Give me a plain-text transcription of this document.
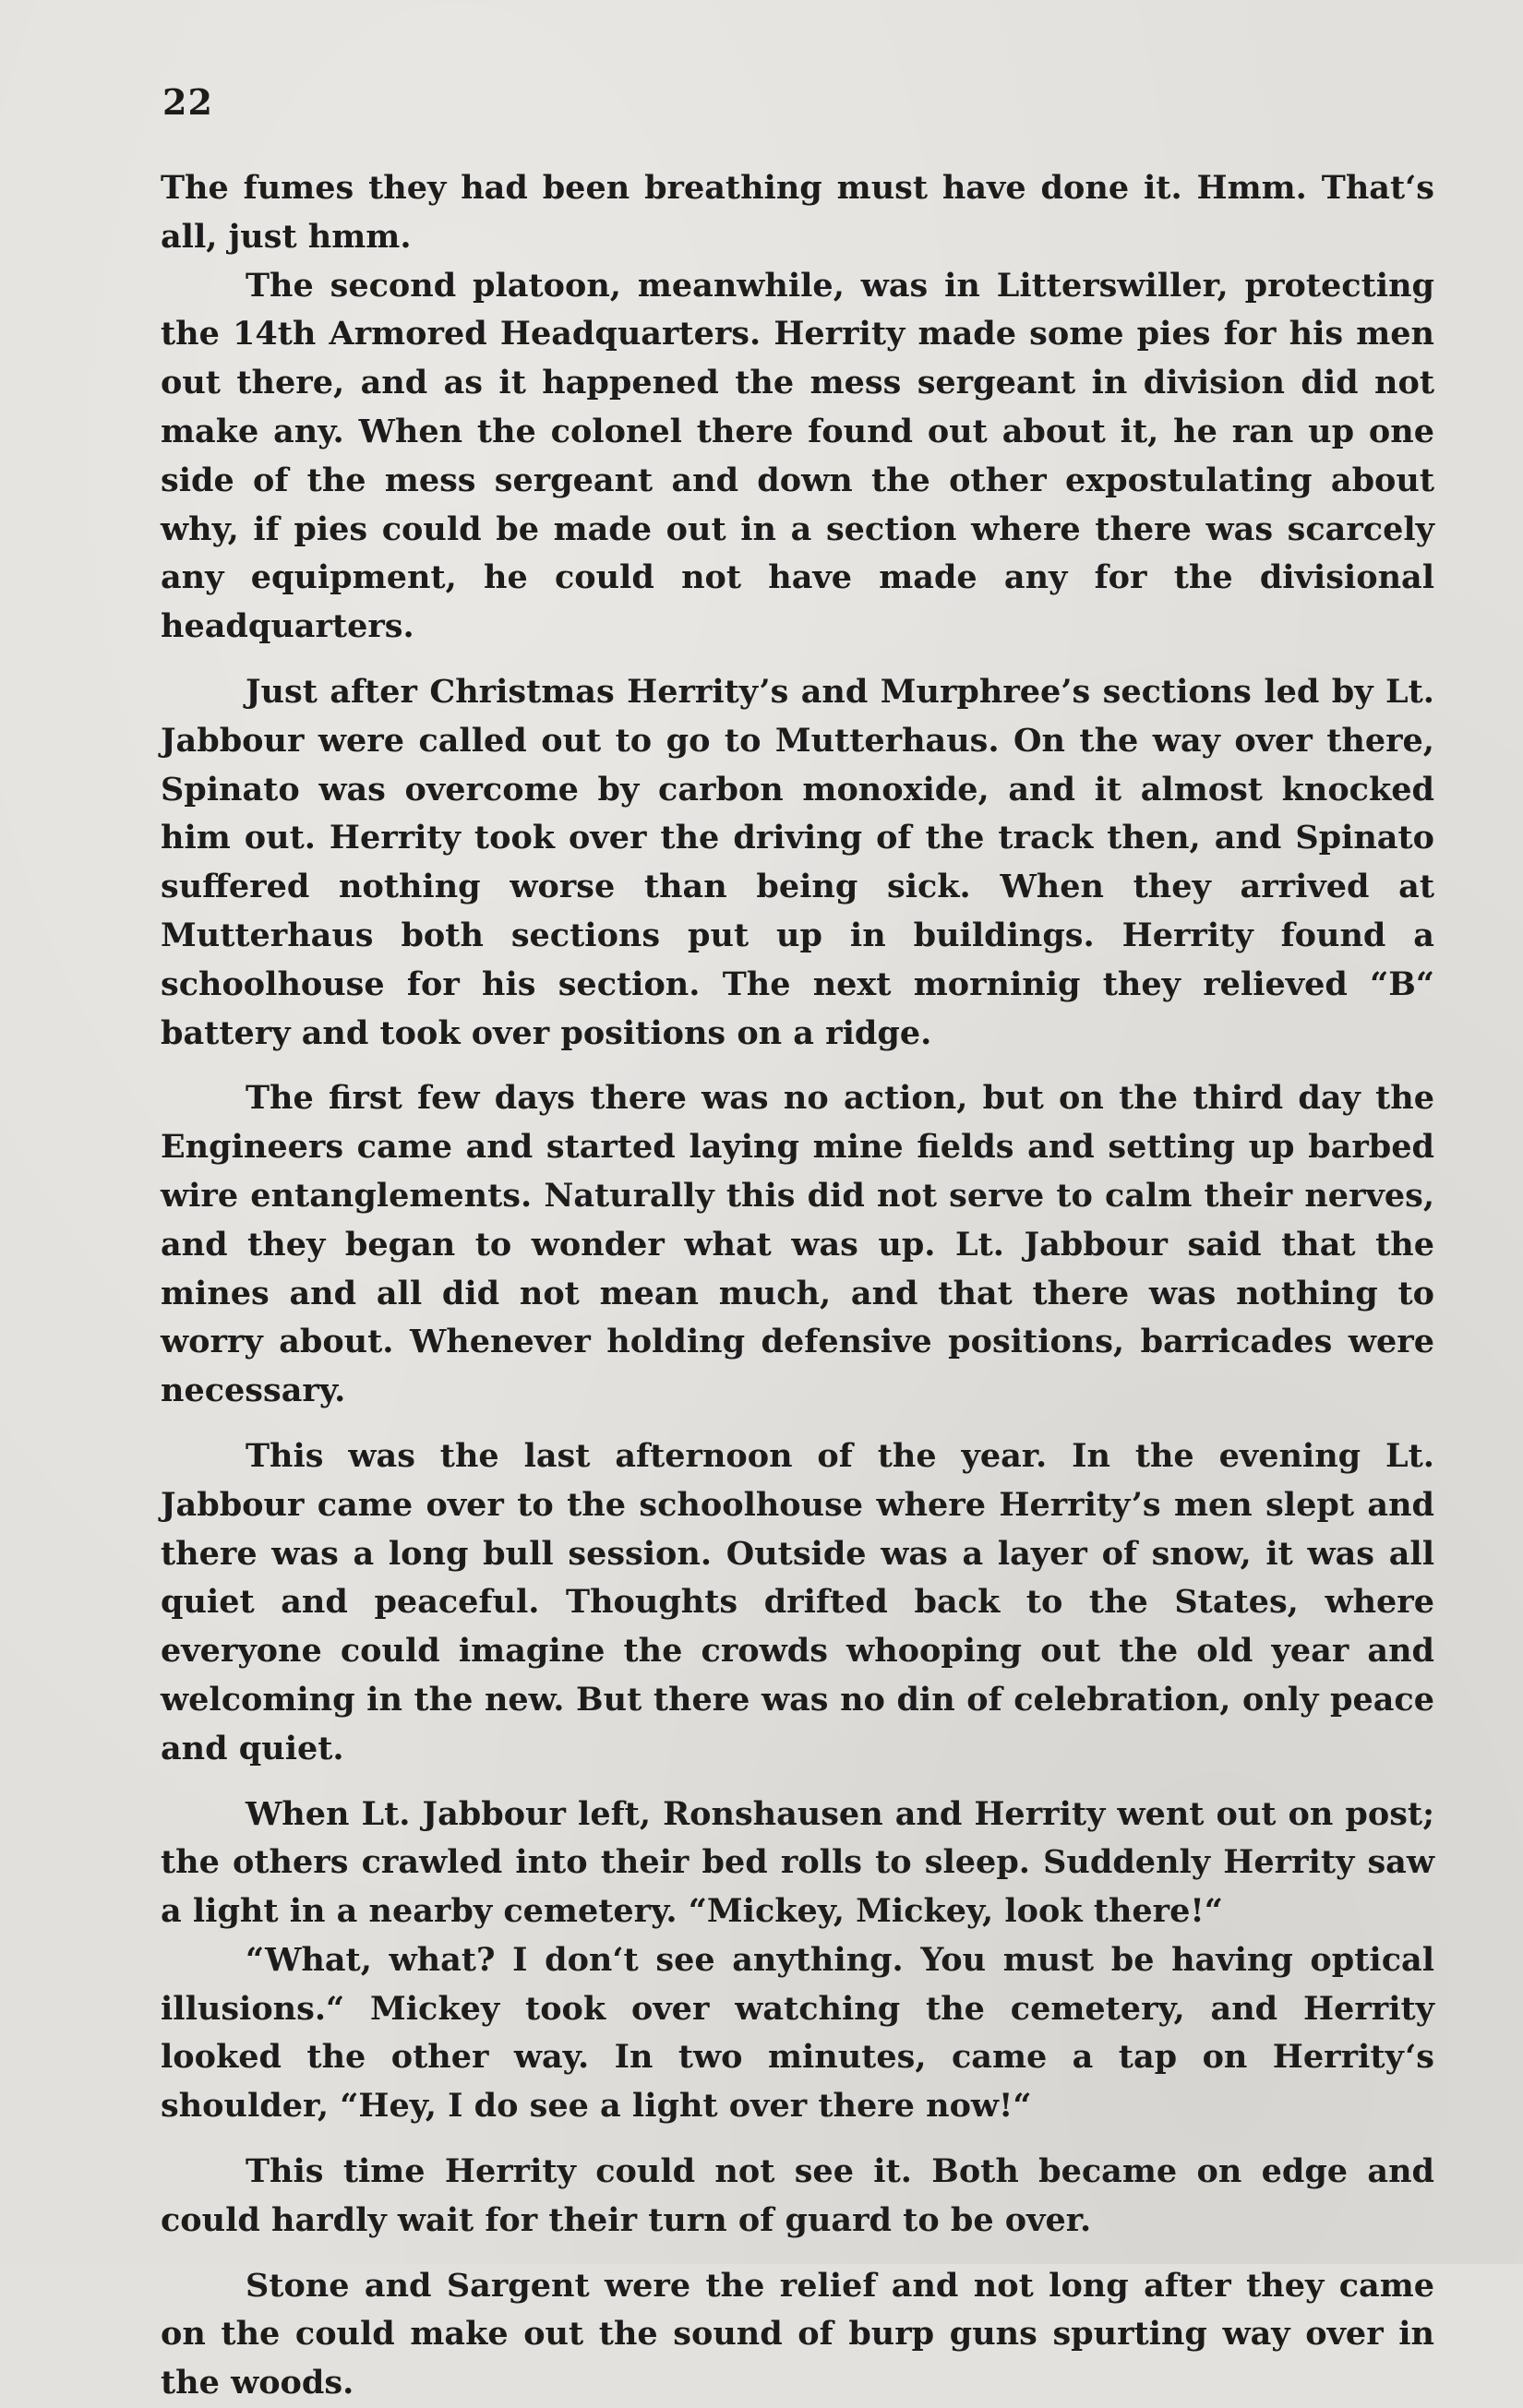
22

The fumes they had been breathing must have done it. Hmm. That‘s all, just hmm.

The second platoon, meanwhile, was in Litterswiller, protecting the 14th Armored Headquarters. Herrity made some pies for his men out there, and as it happened the mess sergeant in division did not make any. When the colonel there found out about it, he ran up one side of the mess sergeant and down the other expostulating about why, if pies could be made out in a section where there was scarcely any equipment, he could not have made any for the divisional headquarters.

Just after Christmas Herrity’s and Murphree’s sections led by Lt. Jabbour were called out to go to Mutterhaus. On the way over there, Spinato was overcome by carbon monoxide, and it almost knocked him out. Herrity took over the driving of the track then, and Spinato suffered nothing worse than being sick. When they arrived at Mutterhaus both sections put up in buildings. Herrity found a schoolhouse for his section. The next morninig they relieved “B“ battery and took over positions on a ridge.

The first few days there was no action, but on the third day the Engineers came and started laying mine fields and setting up barbed wire entanglements. Naturally this did not serve to calm their nerves, and they began to wonder what was up. Lt. Jabbour said that the mines and all did not mean much, and that there was nothing to worry about. Whenever holding defensive positions, barricades were necessary.

This was the last afternoon of the year. In the evening Lt. Jabbour came over to the schoolhouse where Herrity’s men slept and there was a long bull session. Outside was a layer of snow, it was all quiet and peaceful. Thoughts drifted back to the States, where everyone could imagine the crowds whooping out the old year and welcoming in the new. But there was no din of celebration, only peace and quiet.

When Lt. Jabbour left, Ronshausen and Herrity went out on post; the others crawled into their bed rolls to sleep. Suddenly Herrity saw a light in a nearby cemetery. “Mickey, Mickey, look there!“

“What, what? I don‘t see anything. You must be having optical illusions.“ Mickey took over watching the cemetery, and Herrity looked the other way. In two minutes, came a tap on Herrity‘s shoulder, “Hey, I do see a light over there now!“

This time Herrity could not see it. Both became on edge and could hardly wait for their turn of guard to be over.

Stone and Sargent were the relief and not long after they came on the could make out the sound of burp guns spurting way over in the woods.
